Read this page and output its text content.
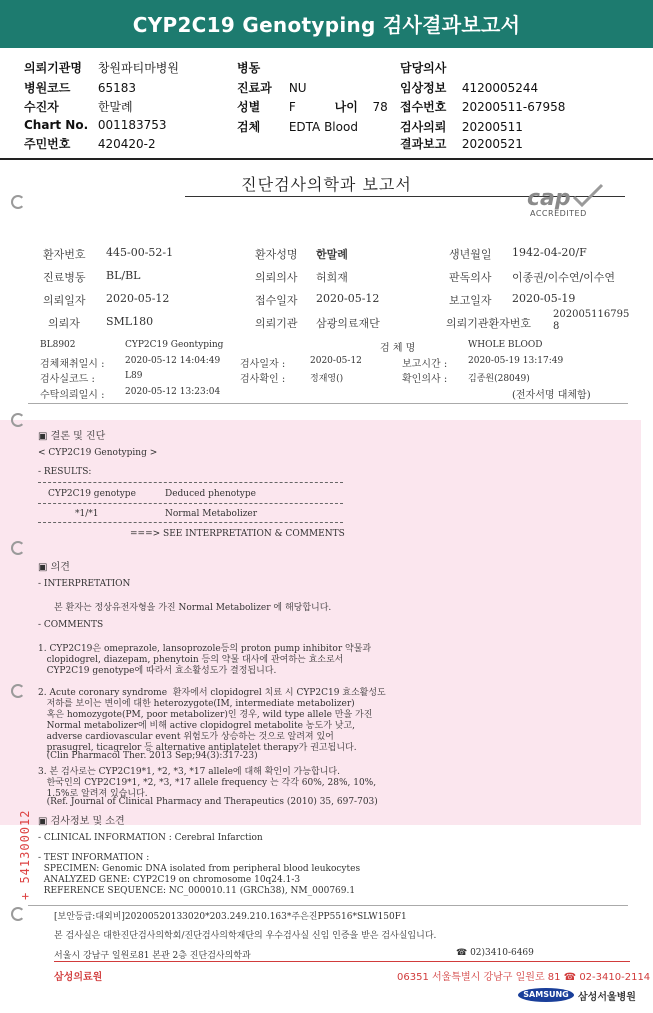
CYP2C19 Genotyping 검사결과보고서
의뢰기관명 창원파티마병원
병원코드 65183
수진자	한말례
Chart No. 001183753
주민번호 420420-2
병동
진료과 NU
성별 F	나이 78
검체 EDTA Blood
담당의사
임상정보 4120005244
접수번호 20200511-67958
검사의뢰 20200511
결과보고 20200521
진단검사의학과 보고서
cap
ACCREDITED
환자번호 445-00-52-1	환자성명 한말례	생년월일 1942-04-20/F
진료병동 BL/BL	의뢰의사 허희재	판독의사 이종권/이수연/이수연
의뢰일자 2020-05-12	접수일자 2020-05-12	보고일자 2020-05-19
의뢰자 SML180	의뢰기관 삼광의료재단	의뢰기관환자번호
202005116795
8
BL8902	CYP2C19 Geontyping	검 체 명	WHOLE BLOOD
검체채취일시 : 2020-05-12 14:04:49 검사일자 :	2020-05-12	보고시간 : 2020-05-19 13:17:49
검사실코드 :	L89	검사확인 :	정재영()	확인의사 : 김종원(28049)
수탁의뢰일시 : 2020-05-12 13:23:04	(전자서명 대체함)
▣ 결론 및 진단
< CYP2C19 Genotyping >
- RESULTS:
CYP2C19 genotype	Deduced phenotype
*1/*1	Normal Metabolizer
===> SEE INTERPRETATION & COMMENTS
▣ 의견
- INTERPRETATION
본 환자는 정상유전자형을 가진 Normal Metabolizer 에 해당합니다.
- COMMENTS
1. CYP2C19은 omeprazole, lansoprozole등의 proton pump inhibitor 약물과
clopidogrel, diazepam, phenytoin 등의 약물 대사에 관여하는 효소로서
CYP2C19 genotype에 따라서 효소활성도가 결정됩니다.
2. Acute coronary syndrome  환자에서 clopidogrel 치료 시 CYP2C19 효소활성도
저하를 보이는 변이에 대한 heterozygote(IM, intermediate metabolizer)
혹은 homozygote(PM, poor metabolizer)인 경우, wild type allele 만을 가진
Normal metabolizer에 비해 active clopidogrel metabolite 농도가 낮고,
adverse cardiovascular event 위험도가 상승하는 것으로 알려져 있어
prasugrel, ticagrelor 등 alternative antiplatelet therapy가 권고됩니다.
(Clin Pharmacol Ther. 2013 Sep;94(3):317-23)
3. 본 검사로는 CYP2C19*1, *2, *3, *17 allele에 대해 확인이 가능합니다.
한국인의 CYP2C19*1, *2, *3, *17 allele frequency 는 각각 60%, 28%, 10%,
1.5%로 알려져 있습니다.
(Ref. Journal of Clinical Pharmacy and Therapeutics (2010) 35, 697-703)
▣ 검사정보 및 소견
- CLINICAL INFORMATION : Cerebral Infarction
- TEST INFORMATION :
SPECIMEN: Genomic DNA isolated from peripheral blood leukocytes
ANALYZED GENE: CYP2C19 on chromosome 10q24.1-3
REFERENCE SEQUENCE: NC_000010.11 (GRCh38), NM_000769.1
[보안등급:대외비]20200520133020*203.249.210.163*주은진PP5516*SLW150F1
본 검사실은 대한진단검사의학회/진단검사의학재단의 우수검사실 신임 인증을 받은 검사실입니다.
서울시 강남구 일원로81 본관 2층 진단검사의학과	☎ 02)3410-6469
+ 541300012
삼성의료원	06351 서울특별시 강남구 일원로 81 ☎ 02-3410-2114
SAMSUNG 삼성서울병원
